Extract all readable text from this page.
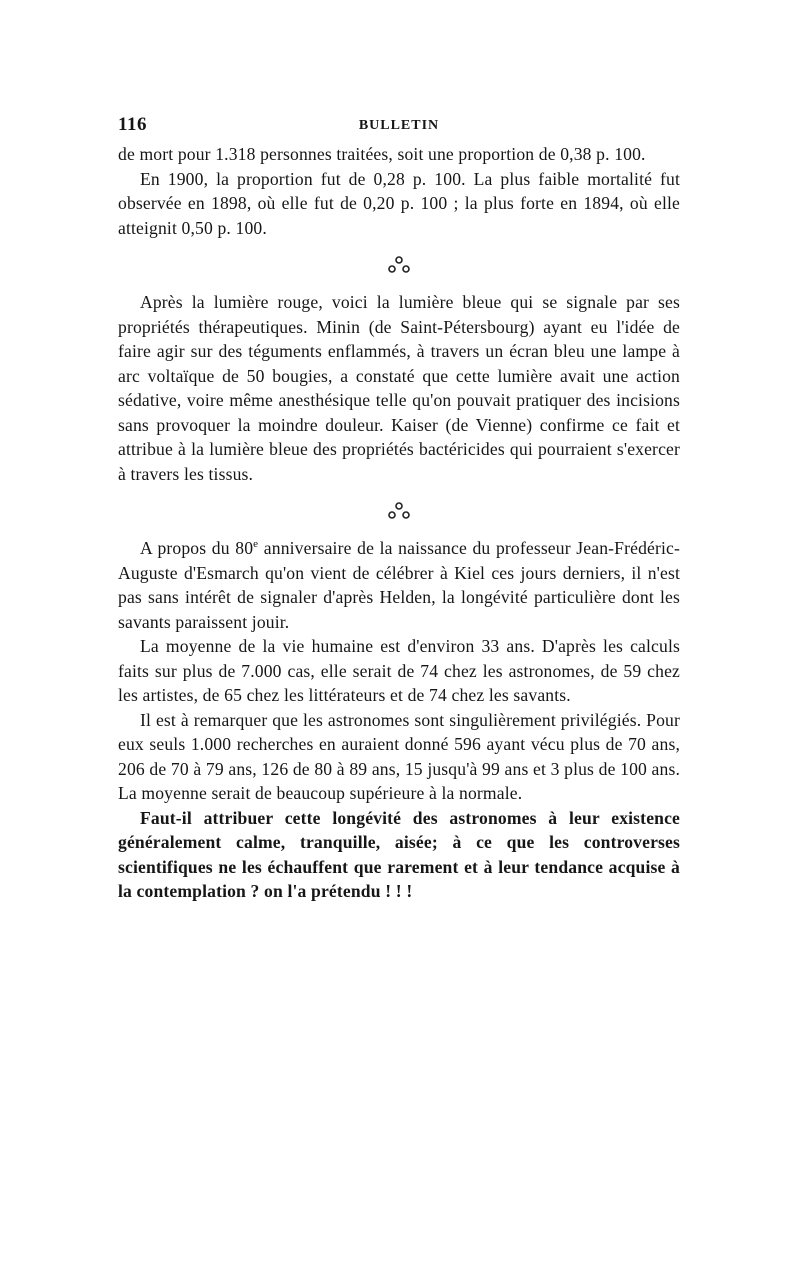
116	BULLETIN

de mort pour 1.318 personnes traitées, soit une proportion de 0,38 p. 100.

En 1900, la proportion fut de 0,28 p. 100. La plus faible mortalité fut observée en 1898, où elle fut de 0,20 p. 100 ; la plus forte en 1894, où elle atteignit 0,50 p. 100.

Après la lumière rouge, voici la lumière bleue qui se signale par ses propriétés thérapeutiques. Minin (de Saint-Pétersbourg) ayant eu l'idée de faire agir sur des téguments enflammés, à travers un écran bleu une lampe à arc voltaïque de 50 bougies, a constaté que cette lumière avait une action sédative, voire même anesthésique telle qu'on pouvait pratiquer des incisions sans provoquer la moindre douleur. Kaiser (de Vienne) confirme ce fait et attribue à la lumière bleue des propriétés bactéricides qui pourraient s'exercer à travers les tissus.

A propos du 80e anniversaire de la naissance du professeur Jean-Frédéric-Auguste d'Esmarch qu'on vient de célébrer à Kiel ces jours derniers, il n'est pas sans intérêt de signaler d'après Helden, la longévité particulière dont les savants paraissent jouir.

La moyenne de la vie humaine est d'environ 33 ans. D'après les calculs faits sur plus de 7.000 cas, elle serait de 74 chez les astronomes, de 59 chez les artistes, de 65 chez les littérateurs et de 74 chez les savants.

Il est à remarquer que les astronomes sont singulièrement privilégiés. Pour eux seuls 1.000 recherches en auraient donné 596 ayant vécu plus de 70 ans, 206 de 70 à 79 ans, 126 de 80 à 89 ans, 15 jusqu'à 99 ans et 3 plus de 100 ans. La moyenne serait de beaucoup supérieure à la normale.

Faut-il attribuer cette longévité des astronomes à leur existence généralement calme, tranquille, aisée; à ce que les controverses scientifiques ne les échauffent que rarement et à leur tendance acquise à la contemplation ? on l'a prétendu ! ! !
